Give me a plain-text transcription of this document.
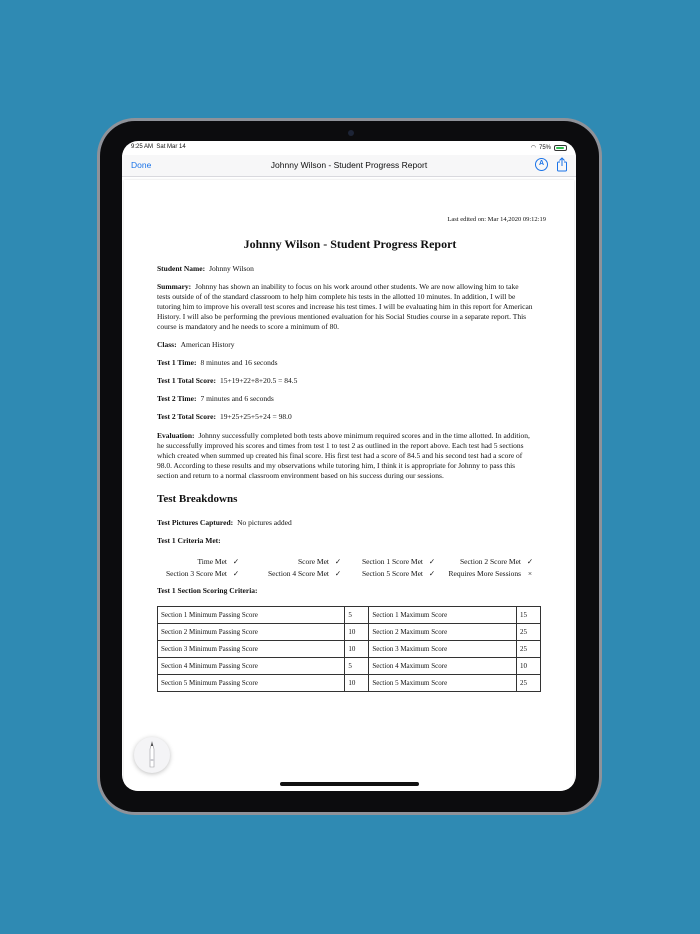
9:25 AM Sat Mar 14	◠ 75%
Done	Johnny Wilson - Student Progress Report	A
Last edited on: Mar 14,2020 09:12:19
Johnny Wilson - Student Progress Report
Student Name: Johnny Wilson
Summary: Johnny has shown an inability to focus on his work around other students. We are now allowing him to take
tests outside of of the standard classroom to help him complete his tests in the allotted 10 minutes. In addition, I will be
tutoring him to improve his overall test scores and increase his test times. I will be evaluating him in this report for American
History. I will also be performing the previous mentioned evaluation for his Social Studies course in a separate report. This
course is mandatory and he needs to score a minimum of 80.
Class: American History
Test 1 Time: 8 minutes and 16 seconds
Test 1 Total Score: 15+19+22+8+20.5 = 84.5
Test 2 Time: 7 minutes and 6 seconds
Test 2 Total Score: 19+25+25+5+24 = 98.0
Evaluation: Johnny successfully completed both tests above minimum required scores and in the time allotted. In addition,
he successfully improved his scores and times from test 1 to test 2 as outlined in the report above. Each test had 5 sections
which created when summed up created his final score. His first test had a score of 84.5 and his second test had a score of
98.0. According to these results and my observations while tutoring him, I think it is appropriate for Johnny to pass this
section and return to a normal classroom environment based on his success during our sessions.
Test Breakdowns
Test Pictures Captured: No pictures added
Test 1 Criteria Met:
Time Met ✓	Score Met ✓	Section 1 Score Met ✓	Section 2 Score Met ✓
Section 3 Score Met ✓	Section 4 Score Met ✓	Section 5 Score Met ✓	Requires More Sessions ×
Test 1 Section Scoring Criteria:
Section 1 Minimum Passing Score	5	Section 1 Maximum Score	15
Section 2 Minimum Passing Score	10	Section 2 Maximum Score	25
Section 3 Minimum Passing Score	10	Section 3 Maximum Score	25
Section 4 Minimum Passing Score	5	Section 4 Maximum Score	10
Section 5 Minimum Passing Score	10	Section 5 Maximum Score	25
